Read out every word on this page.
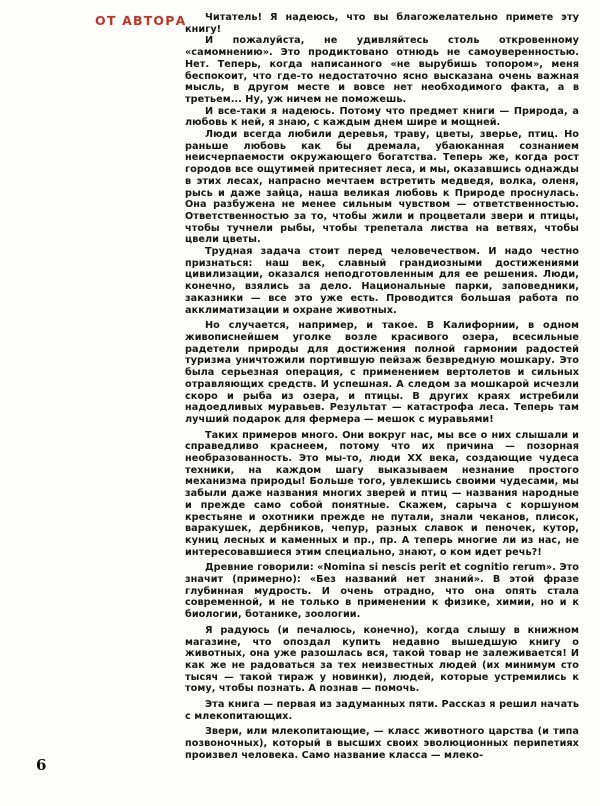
ОТ АВТОРА	Читатель! Я надеюсь, что вы благожелательно примете эту книгу!

И пожалуйста, не удивляйтесь столь откровенному «самомнению». Это продиктовано отнюдь не самоуверенностью. Нет. Теперь, когда написанного «не вырубишь топором», меня беспокоит, что где-то недостаточно ясно высказана очень важная мысль, в другом месте и вовсе нет необходимого факта, а в третьем... Ну, уж ничем не поможешь.

И все-таки я надеюсь. Потому что предмет книги — Природа, а любовь к ней, я знаю, с каждым днем шире и мощней.

Люди всегда любили деревья, траву, цветы, зверье, птиц. Но раньше любовь как бы дремала, убаюканная сознанием неисчерпаемости окружающего богатства. Теперь же, когда рост городов все ощутимей притесняет леса, и мы, оказавшись однажды в этих лесах, напрасно мечтаем встретить медведя, волка, оленя, рысь и даже зайца, наша великая любовь к Природе проснулась. Она разбужена не менее сильным чувством — ответственностью. Ответственностью за то, чтобы жили и процветали звери и птицы, чтобы тучнели рыбы, чтобы трепетала листва на ветвях, чтобы цвели цветы.

Трудная задача стоит перед человечеством. И надо честно признаться: наш век, славный грандиозными достижениями цивилизации, оказался неподготовленным для ее решения. Люди, конечно, взялись за дело. Национальные парки, заповедники, заказники — все это уже есть. Проводится большая работа по акклиматизации и охране животных.

Но случается, например, и такое. В Калифорнии, в одном живописнейшем уголке возле красивого озера, всесильные радетели природы для достижения полной гармонии радостей туризма уничтожили портившую пейзаж безвредную мошкару. Это была серьезная операция, с применением вертолетов и сильных отравляющих средств. И успешная. А следом за мошкарой исчезли скоро и рыба из озера, и птицы. В других краях истребили надоедливых муравьев. Результат — катастрофа леса. Теперь там лучший подарок для фермера — мешок с муравьями!

Таких примеров много. Они вокруг нас, мы все о них слышали и справедливо краснеем, потому что их причина — позорная необразованность. Это мы-то, люди XX века, создающие чудеса техники, на каждом шагу выказываем незнание простого механизма природы! Больше того, увлекшись своими чудесами, мы забыли даже названия многих зверей и птиц — названия народные и прежде само собой понятные. Скажем, сарыча с коршуном крестьяне и охотники прежде не путали, знали чеканов, плисок, варакушек, дербников, чепур, разных славок и пеночек, кутор, куниц лесных и каменных и пр., пр. А теперь многие ли из нас, не интересовавшиеся этим специально, знают, о ком идет речь?!

Древние говорили: «Nomina si nescis perit et cognitio rerum». Это значит (примерно): «Без названий нет знаний». В этой фразе глубинная мудрость. И очень отрадно, что она опять стала современной, и не только в применении к физике, химии, но и к биологии, ботанике, зоологии.

Я радуюсь (и печалюсь, конечно), когда слышу в книжном магазине, что опоздал купить недавно вышедшую книгу о животных, она уже разошлась вся, такой товар не залеживается! И как же не радоваться за тех неизвестных людей (их минимум сто тысяч — такой тираж у новинки), людей, которые устремились к тому, чтобы познать. А познав — помочь.

Эта книга — первая из задуманных пяти. Рассказ я решил начать с млекопитающих.

Звери, или млекопитающие, — класс животного царства (и типа позвоночных), который в высших своих эволюционных перипетиях произвел человека. Само название класса — млеко-

6
